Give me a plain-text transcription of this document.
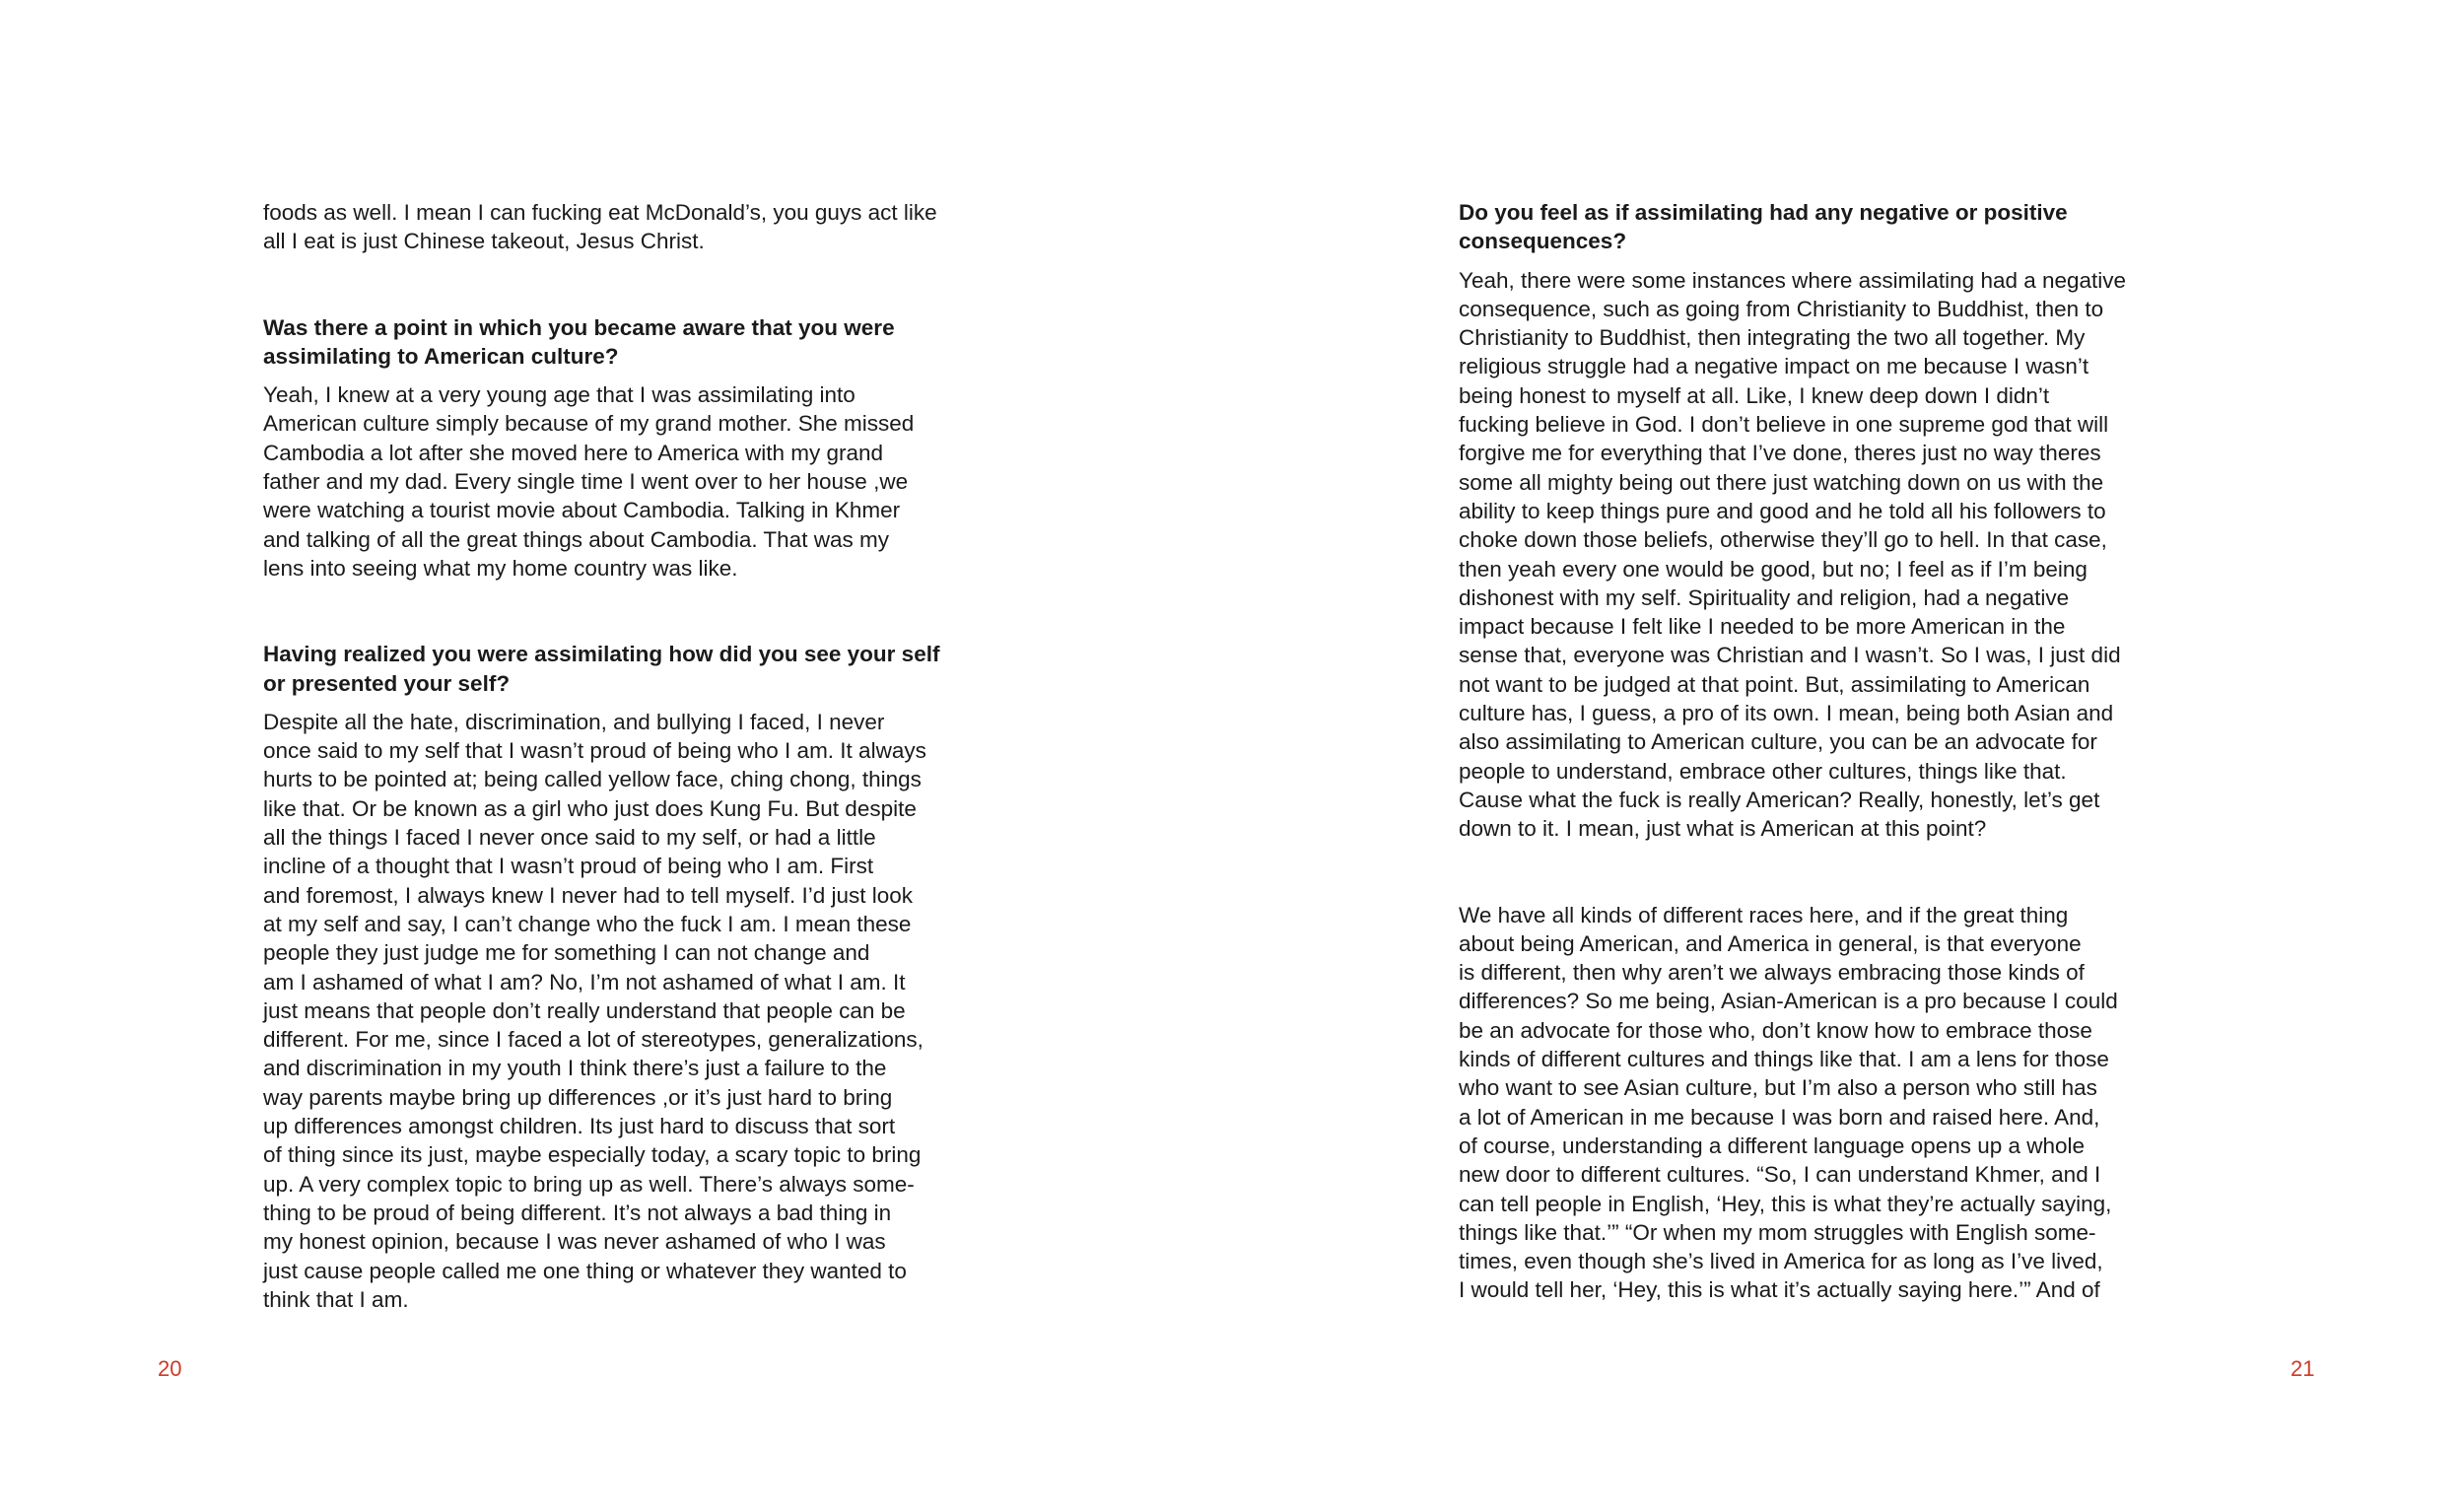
foods as well. I mean I can fucking eat McDonald’s, you guys act like
all I eat is just Chinese takeout, Jesus Christ.

Was there a point in which you became aware that you were
assimilating to American culture?

Yeah, I knew at a very young age that I was assimilating into
American culture simply because of my grand mother. She missed
Cambodia a lot after she moved here to America with my grand
father and my dad. Every single time I went over to her house ,we
were watching a tourist movie about Cambodia. Talking in Khmer
and talking of all the great things about Cambodia. That was my
lens into seeing what my home country was like.

Having realized you were assimilating how did you see your self
or presented your self?

Despite all the hate, discrimination, and bullying I faced, I never
once said to my self that I wasn’t proud of being who I am. It always
hurts to be pointed at; being called yellow face, ching chong, things
like that. Or be known as a girl who just does Kung Fu. But despite
all the things I faced I never once said to my self, or had a little
incline of a thought that I wasn’t proud of being who I am. First
and foremost, I always knew I never had to tell myself. I’d just look
at my self and say, I can’t change who the fuck I am. I mean these
people they just judge me for something I can not change and
am I ashamed of what I am? No, I’m not ashamed of what I am. It
just means that people don’t really understand that people can be
different. For me, since I faced a lot of stereotypes, generalizations,
and discrimination in my youth I think there’s just a failure to the
way parents maybe bring up differences ,or it’s just hard to bring
up differences amongst children. Its just hard to discuss that sort
of thing since its just, maybe especially today, a scary topic to bring
up. A very complex topic to bring up as well. There’s always some-
thing to be proud of being different. It’s not always a bad thing in
my honest opinion, because I was never ashamed of who I was
just cause people called me one thing or whatever they wanted to
think that I am.

20
Do you feel as if assimilating had any negative or positive
consequences?

Yeah, there were some instances where assimilating had a negative
consequence, such as going from Christianity to Buddhist, then to
Christianity to Buddhist, then integrating the two all together. My
religious struggle had a negative impact on me because I wasn’t
being honest to myself at all. Like, I knew deep down I didn’t
fucking believe in God. I don’t believe in one supreme god that will
forgive me for everything that I’ve done, theres just no way theres
some all mighty being out there just watching down on us with the
ability to keep things pure and good and he told all his followers to
choke down those beliefs, otherwise they’ll go to hell. In that case,
then yeah every one would be good, but no; I feel as if I’m being
dishonest with my self. Spirituality and religion, had a negative
impact because I felt like I needed to be more American in the
sense that, everyone was Christian and I wasn’t. So I was, I just did
not want to be judged at that point. But, assimilating to American
culture has, I guess, a pro of its own. I mean, being both Asian and
also assimilating to American culture, you can be an advocate for
people to understand, embrace other cultures, things like that.
Cause what the fuck is really American? Really, honestly, let’s get
down to it. I mean, just what is American at this point?

We have all kinds of different races here, and if the great thing
about being American, and America in general, is that everyone
is different, then why aren’t we always embracing those kinds of
differences? So me being, Asian-American is a pro because I could
be an advocate for those who, don’t know how to embrace those
kinds of different cultures and things like that. I am a lens for those
who want to see Asian culture, but I’m also a person who still has
a lot of American in me because I was born and raised here. And,
of course, understanding a different language opens up a whole
new door to different cultures. “So, I can understand Khmer, and I
can tell people in English, ‘Hey, this is what they’re actually saying,
things like that.’” “Or when my mom struggles with English some-
times, even though she’s lived in America for as long as I’ve lived,
I would tell her, ‘Hey, this is what it’s actually saying here.’” And of

21
